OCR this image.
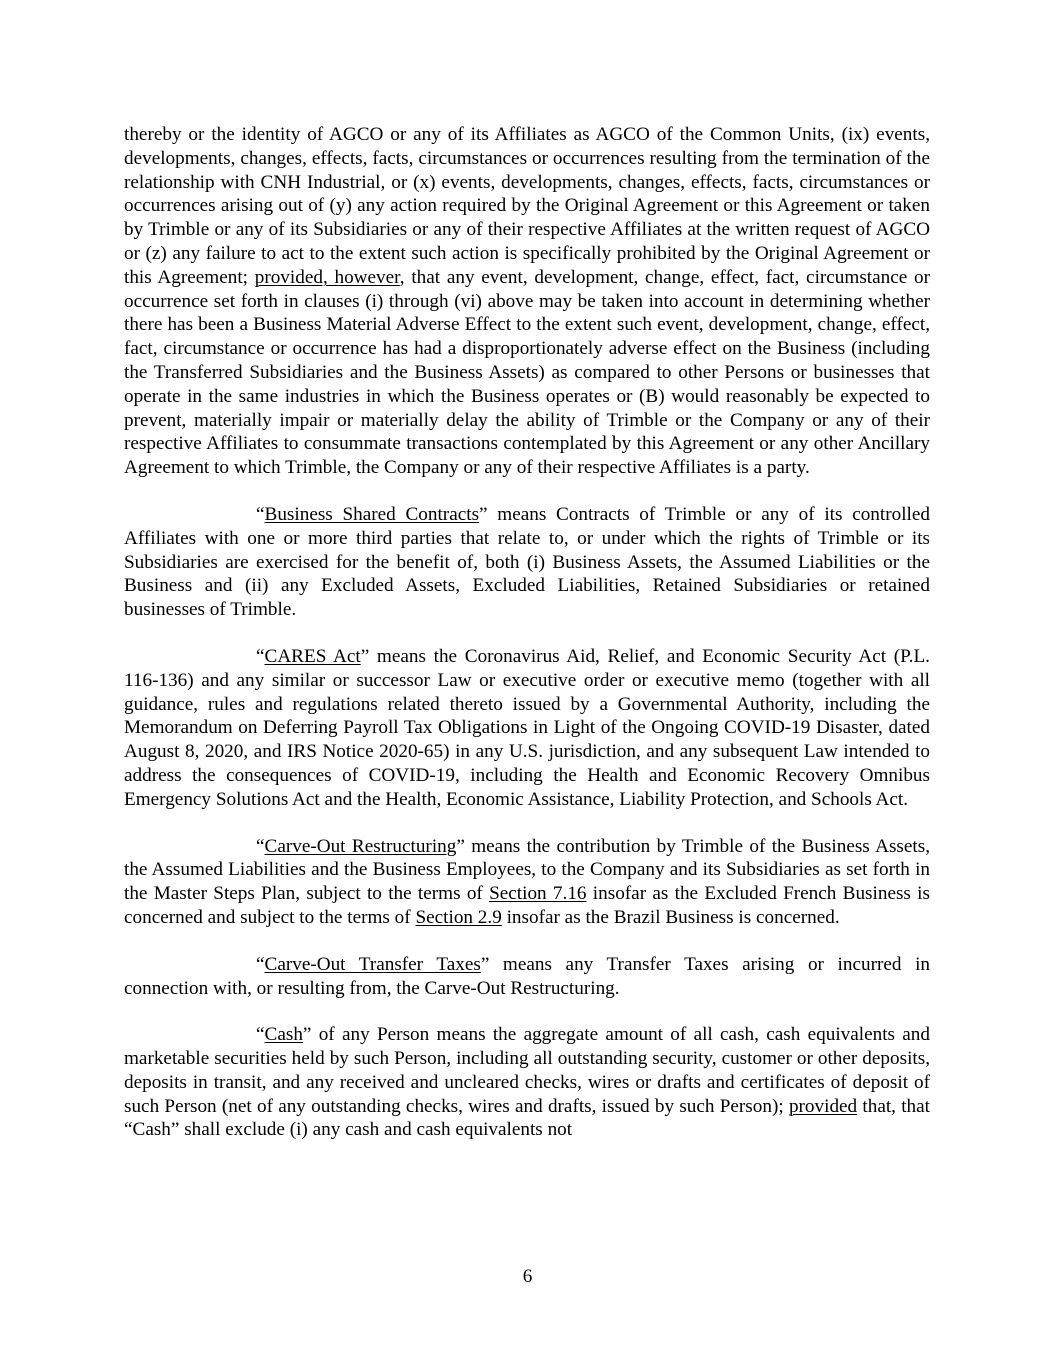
thereby or the identity of AGCO or any of its Affiliates as AGCO of the Common Units, (ix) events, developments, changes, effects, facts, circumstances or occurrences resulting from the termination of the relationship with CNH Industrial, or (x) events, developments, changes, effects, facts, circumstances or occurrences arising out of (y) any action required by the Original Agreement or this Agreement or taken by Trimble or any of its Subsidiaries or any of their respective Affiliates at the written request of AGCO or (z) any failure to act to the extent such action is specifically prohibited by the Original Agreement or this Agreement; provided, however, that any event, development, change, effect, fact, circumstance or occurrence set forth in clauses (i) through (vi) above may be taken into account in determining whether there has been a Business Material Adverse Effect to the extent such event, development, change, effect, fact, circumstance or occurrence has had a disproportionately adverse effect on the Business (including the Transferred Subsidiaries and the Business Assets) as compared to other Persons or businesses that operate in the same industries in which the Business operates or (B) would reasonably be expected to prevent, materially impair or materially delay the ability of Trimble or the Company or any of their respective Affiliates to consummate transactions contemplated by this Agreement or any other Ancillary Agreement to which Trimble, the Company or any of their respective Affiliates is a party.

“Business Shared Contracts” means Contracts of Trimble or any of its controlled Affiliates with one or more third parties that relate to, or under which the rights of Trimble or its Subsidiaries are exercised for the benefit of, both (i) Business Assets, the Assumed Liabilities or the Business and (ii) any Excluded Assets, Excluded Liabilities, Retained Subsidiaries or retained businesses of Trimble.

“CARES Act” means the Coronavirus Aid, Relief, and Economic Security Act (P.L. 116-136) and any similar or successor Law or executive order or executive memo (together with all guidance, rules and regulations related thereto issued by a Governmental Authority, including the Memorandum on Deferring Payroll Tax Obligations in Light of the Ongoing COVID-19 Disaster, dated August 8, 2020, and IRS Notice 2020-65) in any U.S. jurisdiction, and any subsequent Law intended to address the consequences of COVID-19, including the Health and Economic Recovery Omnibus Emergency Solutions Act and the Health, Economic Assistance, Liability Protection, and Schools Act.

“Carve-Out Restructuring” means the contribution by Trimble of the Business Assets, the Assumed Liabilities and the Business Employees, to the Company and its Subsidiaries as set forth in the Master Steps Plan, subject to the terms of Section 7.16 insofar as the Excluded French Business is concerned and subject to the terms of Section 2.9 insofar as the Brazil Business is concerned.

“Carve-Out Transfer Taxes” means any Transfer Taxes arising or incurred in connection with, or resulting from, the Carve-Out Restructuring.

“Cash” of any Person means the aggregate amount of all cash, cash equivalents and marketable securities held by such Person, including all outstanding security, customer or other deposits, deposits in transit, and any received and uncleared checks, wires or drafts and certificates of deposit of such Person (net of any outstanding checks, wires and drafts, issued by such Person); provided that, that “Cash” shall exclude (i) any cash and cash equivalents not

6
